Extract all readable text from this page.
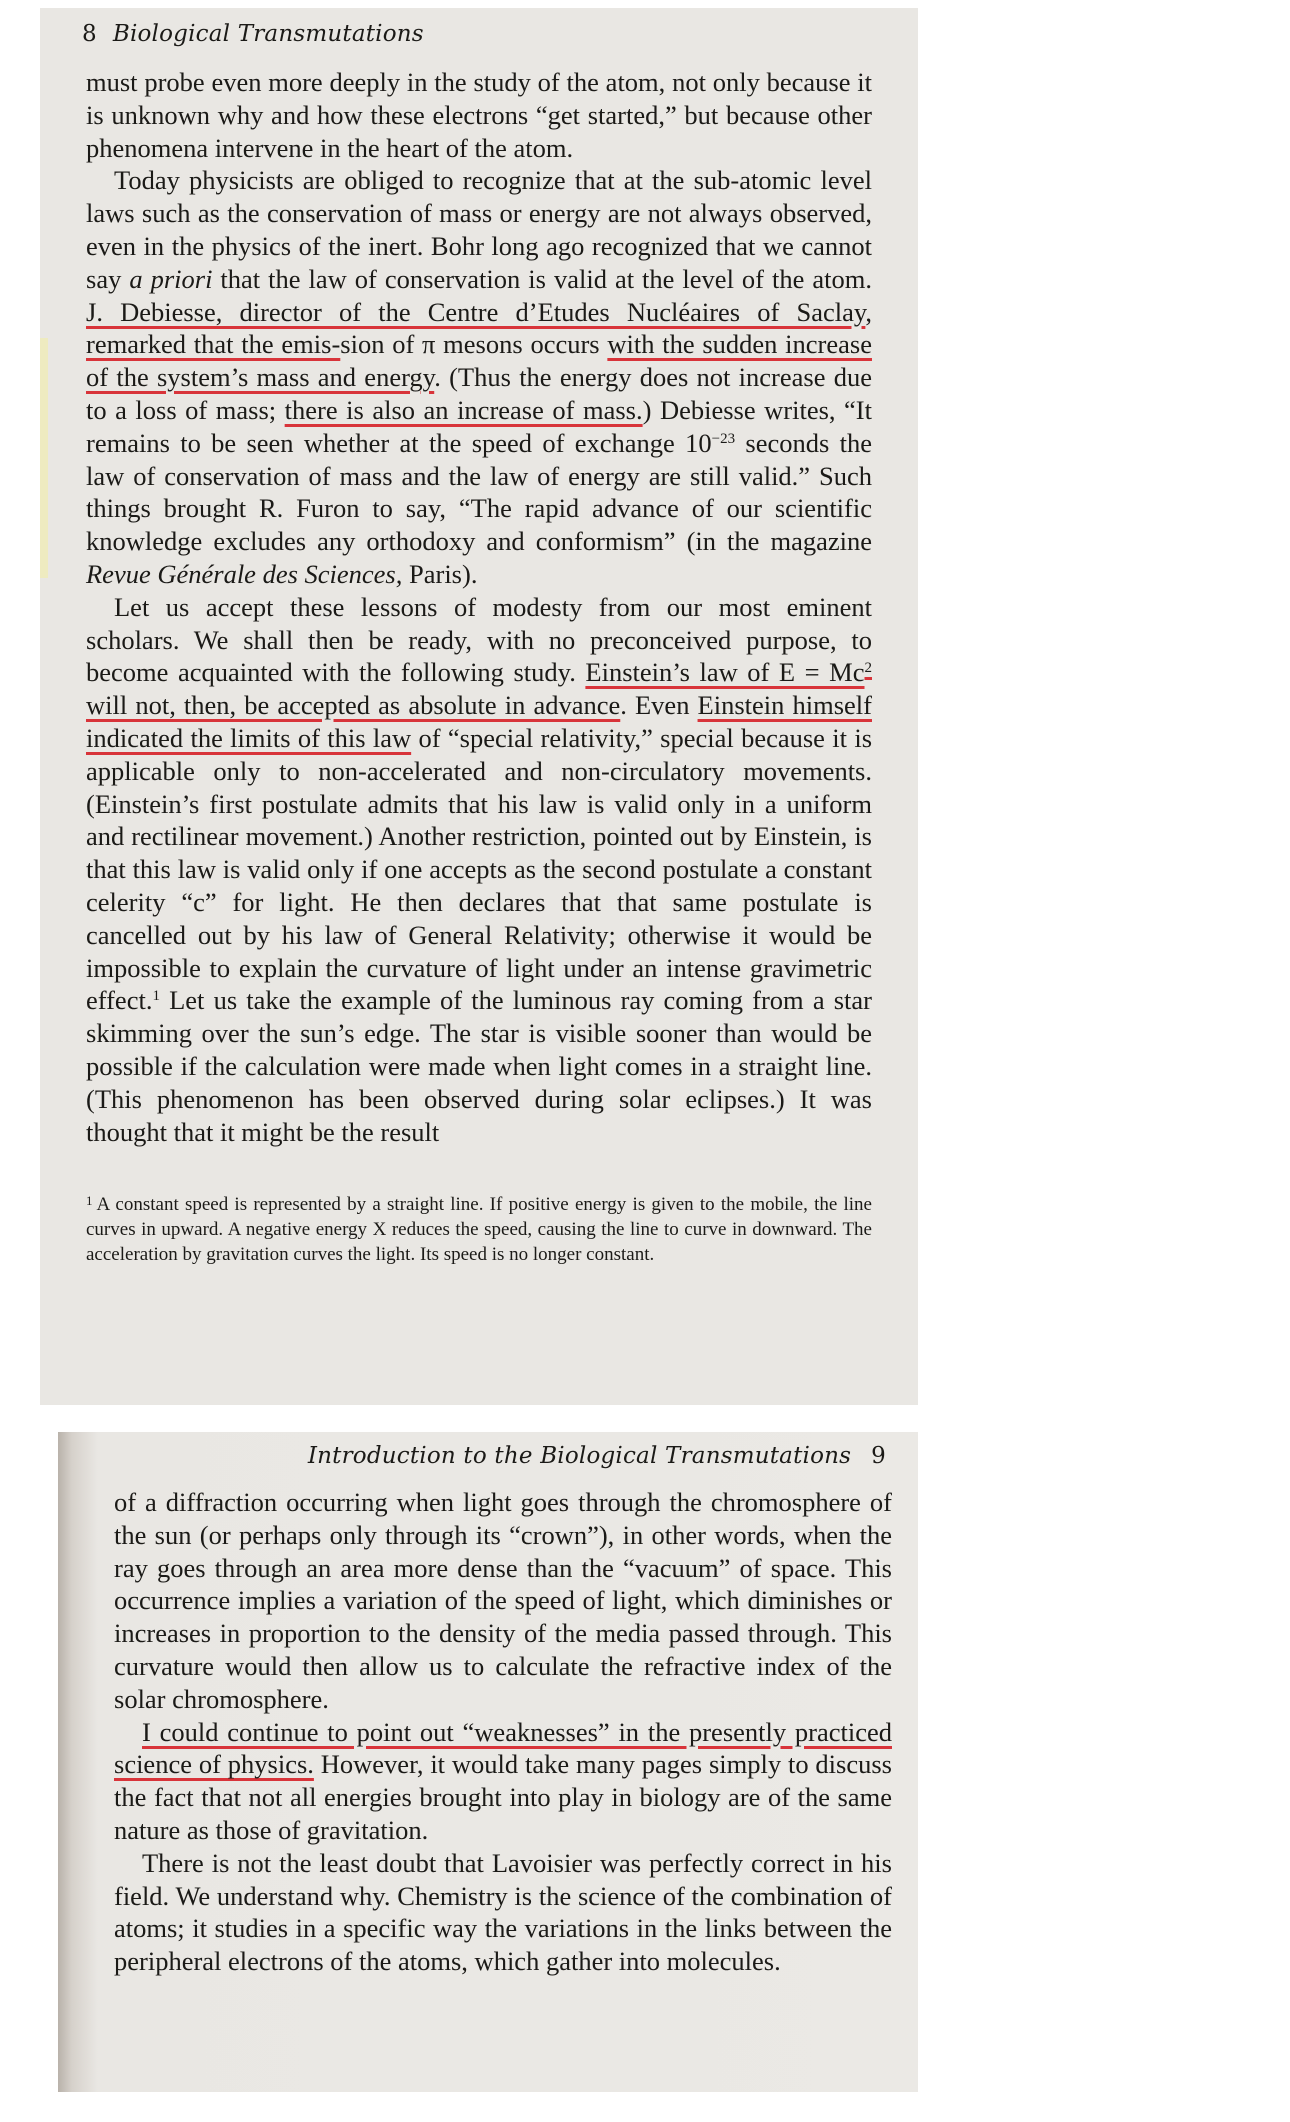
8 Biological Transmutations

must probe even more deeply in the study of the atom, not only because it is unknown why and how these electrons “get started,” but because other phenomena intervene in the heart of the atom.

Today physicists are obliged to recognize that at the sub-atomic level laws such as the conservation of mass or energy are not always observed, even in the physics of the inert. Bohr long ago recognized that we cannot say a priori that the law of conservation is valid at the level of the atom. J. Debiesse, director of the Centre d’Etudes Nucléaires of Saclay, remarked that the emis-sion of π mesons occurs with the sudden increase of the system’s mass and energy. (Thus the energy does not increase due to a loss of mass; there is also an increase of mass.) Debiesse writes, “It remains to be seen whether at the speed of exchange $10^{-23}$ seconds the law of conservation of mass and the law of energy are still valid.” Such things brought R. Furon to say, “The rapid advance of our scientific knowledge excludes any orthodoxy and conformism” (in the magazine Revue Générale des Sciences, Paris).

Let us accept these lessons of modesty from our most eminent scholars. We shall then be ready, with no preconceived purpose, to become acquainted with the following study. Einstein’s law of $E = Mc^2$ will not, then, be accepted as absolute in advance. Even Einstein himself indicated the limits of this law of “special relativity,” special because it is applicable only to non-accelerated and non-circulatory movements. (Einstein’s first postulate admits that his law is valid only in a uniform and rectilinear movement.) Another restriction, pointed out by Einstein, is that this law is valid only if one accepts as the second postulate a constant celerity “c” for light. He then declares that that same postulate is cancelled out by his law of General Relativity; otherwise it would be impossible to explain the curvature of light under an intense gravimetric effect.$^1$ Let us take the example of the luminous ray coming from a star skimming over the sun’s edge. The star is visible sooner than would be possible if the calculation were made when light comes in a straight line. (This phenomenon has been observed during solar eclipses.) It was thought that it might be the result

$^1$ A constant speed is represented by a straight line. If positive energy is given to the mobile, the line curves in upward. A negative energy X reduces the speed, causing the line to curve in downward. The acceleration by gravitation curves the light. Its speed is no longer constant.
Introduction to the Biological Transmutations 9

of a diffraction occurring when light goes through the chromosphere of the sun (or perhaps only through its “crown”), in other words, when the ray goes through an area more dense than the “vacuum” of space. This occurrence implies a variation of the speed of light, which diminishes or increases in proportion to the density of the media passed through. This curvature would then allow us to calculate the refractive index of the solar chromosphere.

I could continue to point out “weaknesses” in the presently practiced science of physics. However, it would take many pages simply to discuss the fact that not all energies brought into play in biology are of the same nature as those of gravitation.

There is not the least doubt that Lavoisier was perfectly correct in his field. We understand why. Chemistry is the science of the combination of atoms; it studies in a specific way the variations in the links between the peripheral electrons of the atoms, which gather into molecules.
